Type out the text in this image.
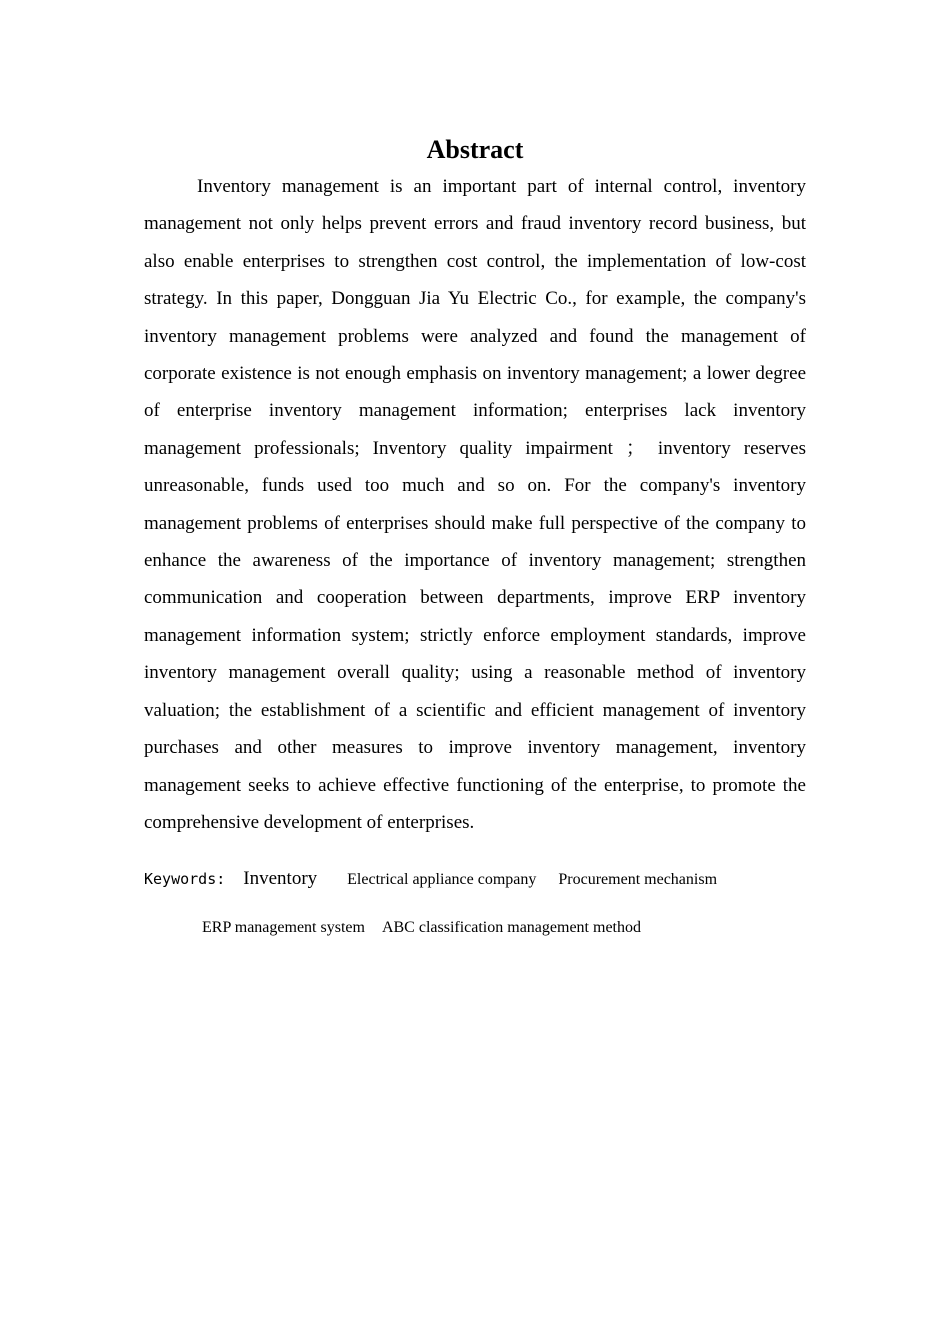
Abstract

Inventory management is an important part of internal control, inventory management not only helps prevent errors and fraud inventory record business, but also enable enterprises to strengthen cost control, the implementation of low-cost strategy. In this paper, Dongguan Jia Yu Electric Co., for example, the company's inventory management problems were analyzed and found the management of corporate existence is not enough emphasis on inventory management; a lower degree of enterprise inventory management information; enterprises lack inventory management professionals; Inventory quality impairment ； inventory reserves unreasonable, funds used too much and so on. For the company's inventory management problems of enterprises should make full perspective of the company to enhance the awareness of the importance of inventory management; strengthen communication and cooperation between departments, improve ERP inventory management information system; strictly enforce employment standards, improve inventory management overall quality; using a reasonable method of inventory valuation; the establishment of a scientific and efficient management of inventory purchases and other measures to improve inventory management, inventory management seeks to achieve effective functioning of the enterprise, to promote the comprehensive development of enterprises.

Keywords: Inventory Electrical appliance company Procurement mechanism
ERP management system ABC classification management method
